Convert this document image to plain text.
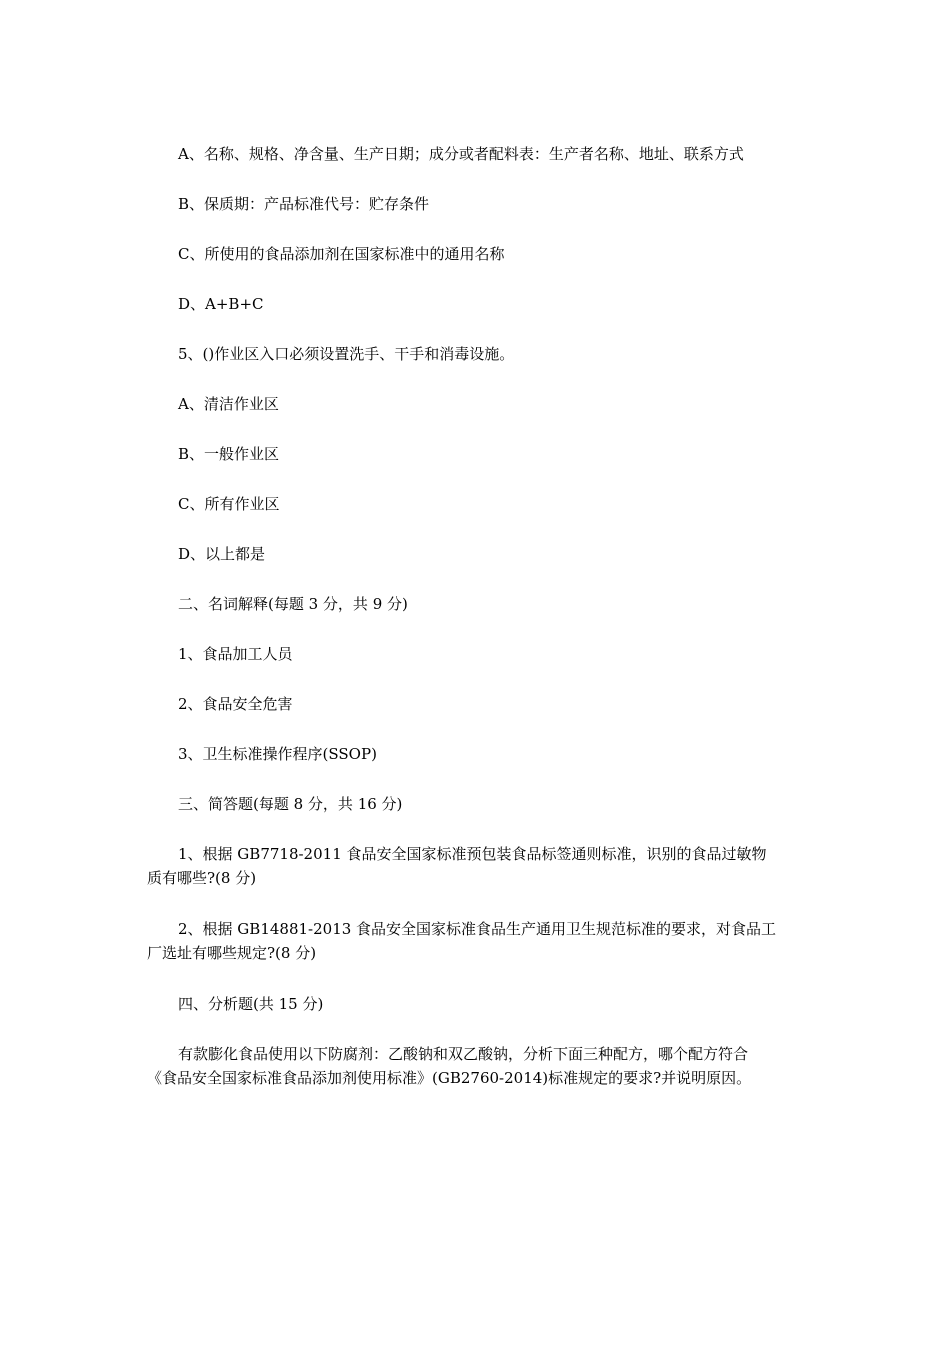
A、名称、规格、净含量、生产日期；成分或者配料表：生产者名称、地址、联系方式
B、保质期：产品标准代号：贮存条件
C、所使用的食品添加剂在国家标准中的通用名称
D、A+B+C
5、()作业区入口必须设置洗手、干手和消毒设施。
A、清洁作业区
B、一般作业区
C、所有作业区
D、以上都是
二、名词解释(每题 3 分，共 9 分)
1、食品加工人员
2、食品安全危害
3、卫生标准操作程序(SSOP)
三、简答题(每题 8 分，共 16 分)
1、根据 GB7718-2011 食品安全国家标准预包装食品标签通则标准，识别的食品过敏物
质有哪些?(8 分)
2、根据 GB14881-2013 食品安全国家标准食品生产通用卫生规范标准的要求，对食品工
厂选址有哪些规定?(8 分)
四、分析题(共 15 分)
有款膨化食品使用以下防腐剂：乙酸钠和双乙酸钠，分析下面三种配方，哪个配方符合
《食品安全国家标准食品添加剂使用标准》(GB2760-2014)标准规定的要求?并说明原因。
